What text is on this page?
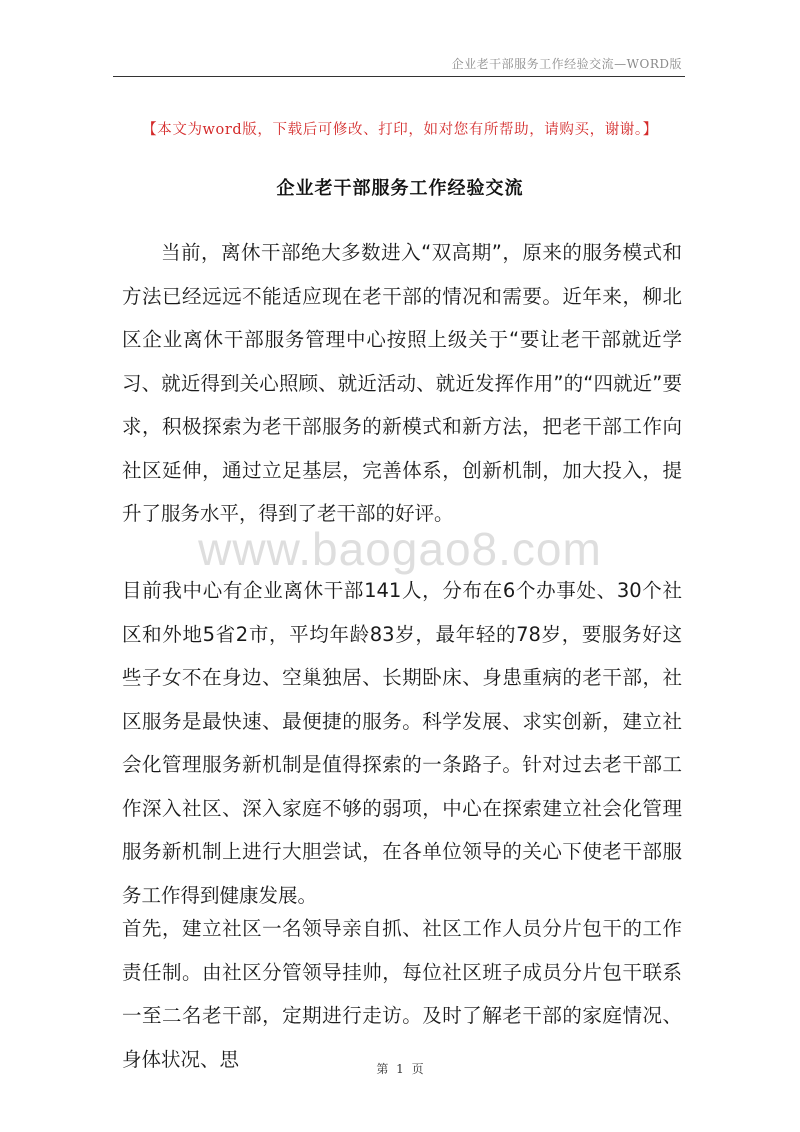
企业老干部服务工作经验交流—WORD版
【本文为word版，下载后可修改、打印，如对您有所帮助，请购买，谢谢。】
企业老干部服务工作经验交流

当前，离休干部绝大多数进入“双高期”，原来的服务模式和方法已经远远不能适应现在老干部的情况和需要。近年来，柳北区企业离休干部服务管理中心按照上级关于“要让老干部就近学习、就近得到关心照顾、就近活动、就近发挥作用”的“四就近”要求，积极探索为老干部服务的新模式和新方法，把老干部工作向社区延伸，通过立足基层，完善体系，创新机制，加大投入，提升了服务水平，得到了老干部的好评。

www.baogao8.com

目前我中心有企业离休干部141人，分布在6个办事处、30个社区和外地5省2市，平均年龄83岁，最年轻的78岁，要服务好这些子女不在身边、空巢独居、长期卧床、身患重病的老干部，社区服务是最快速、最便捷的服务。科学发展、求实创新，建立社会化管理服务新机制是值得探索的一条路子。针对过去老干部工作深入社区、深入家庭不够的弱项，中心在探索建立社会化管理服务新机制上进行大胆尝试，在各单位领导的关心下使老干部服务工作得到健康发展。

首先，建立社区一名领导亲自抓、社区工作人员分片包干的工作责任制。由社区分管领导挂帅，每位社区班子成员分片包干联系一至二名老干部，定期进行走访。及时了解老干部的家庭情况、身体状况、思	第 1 页
